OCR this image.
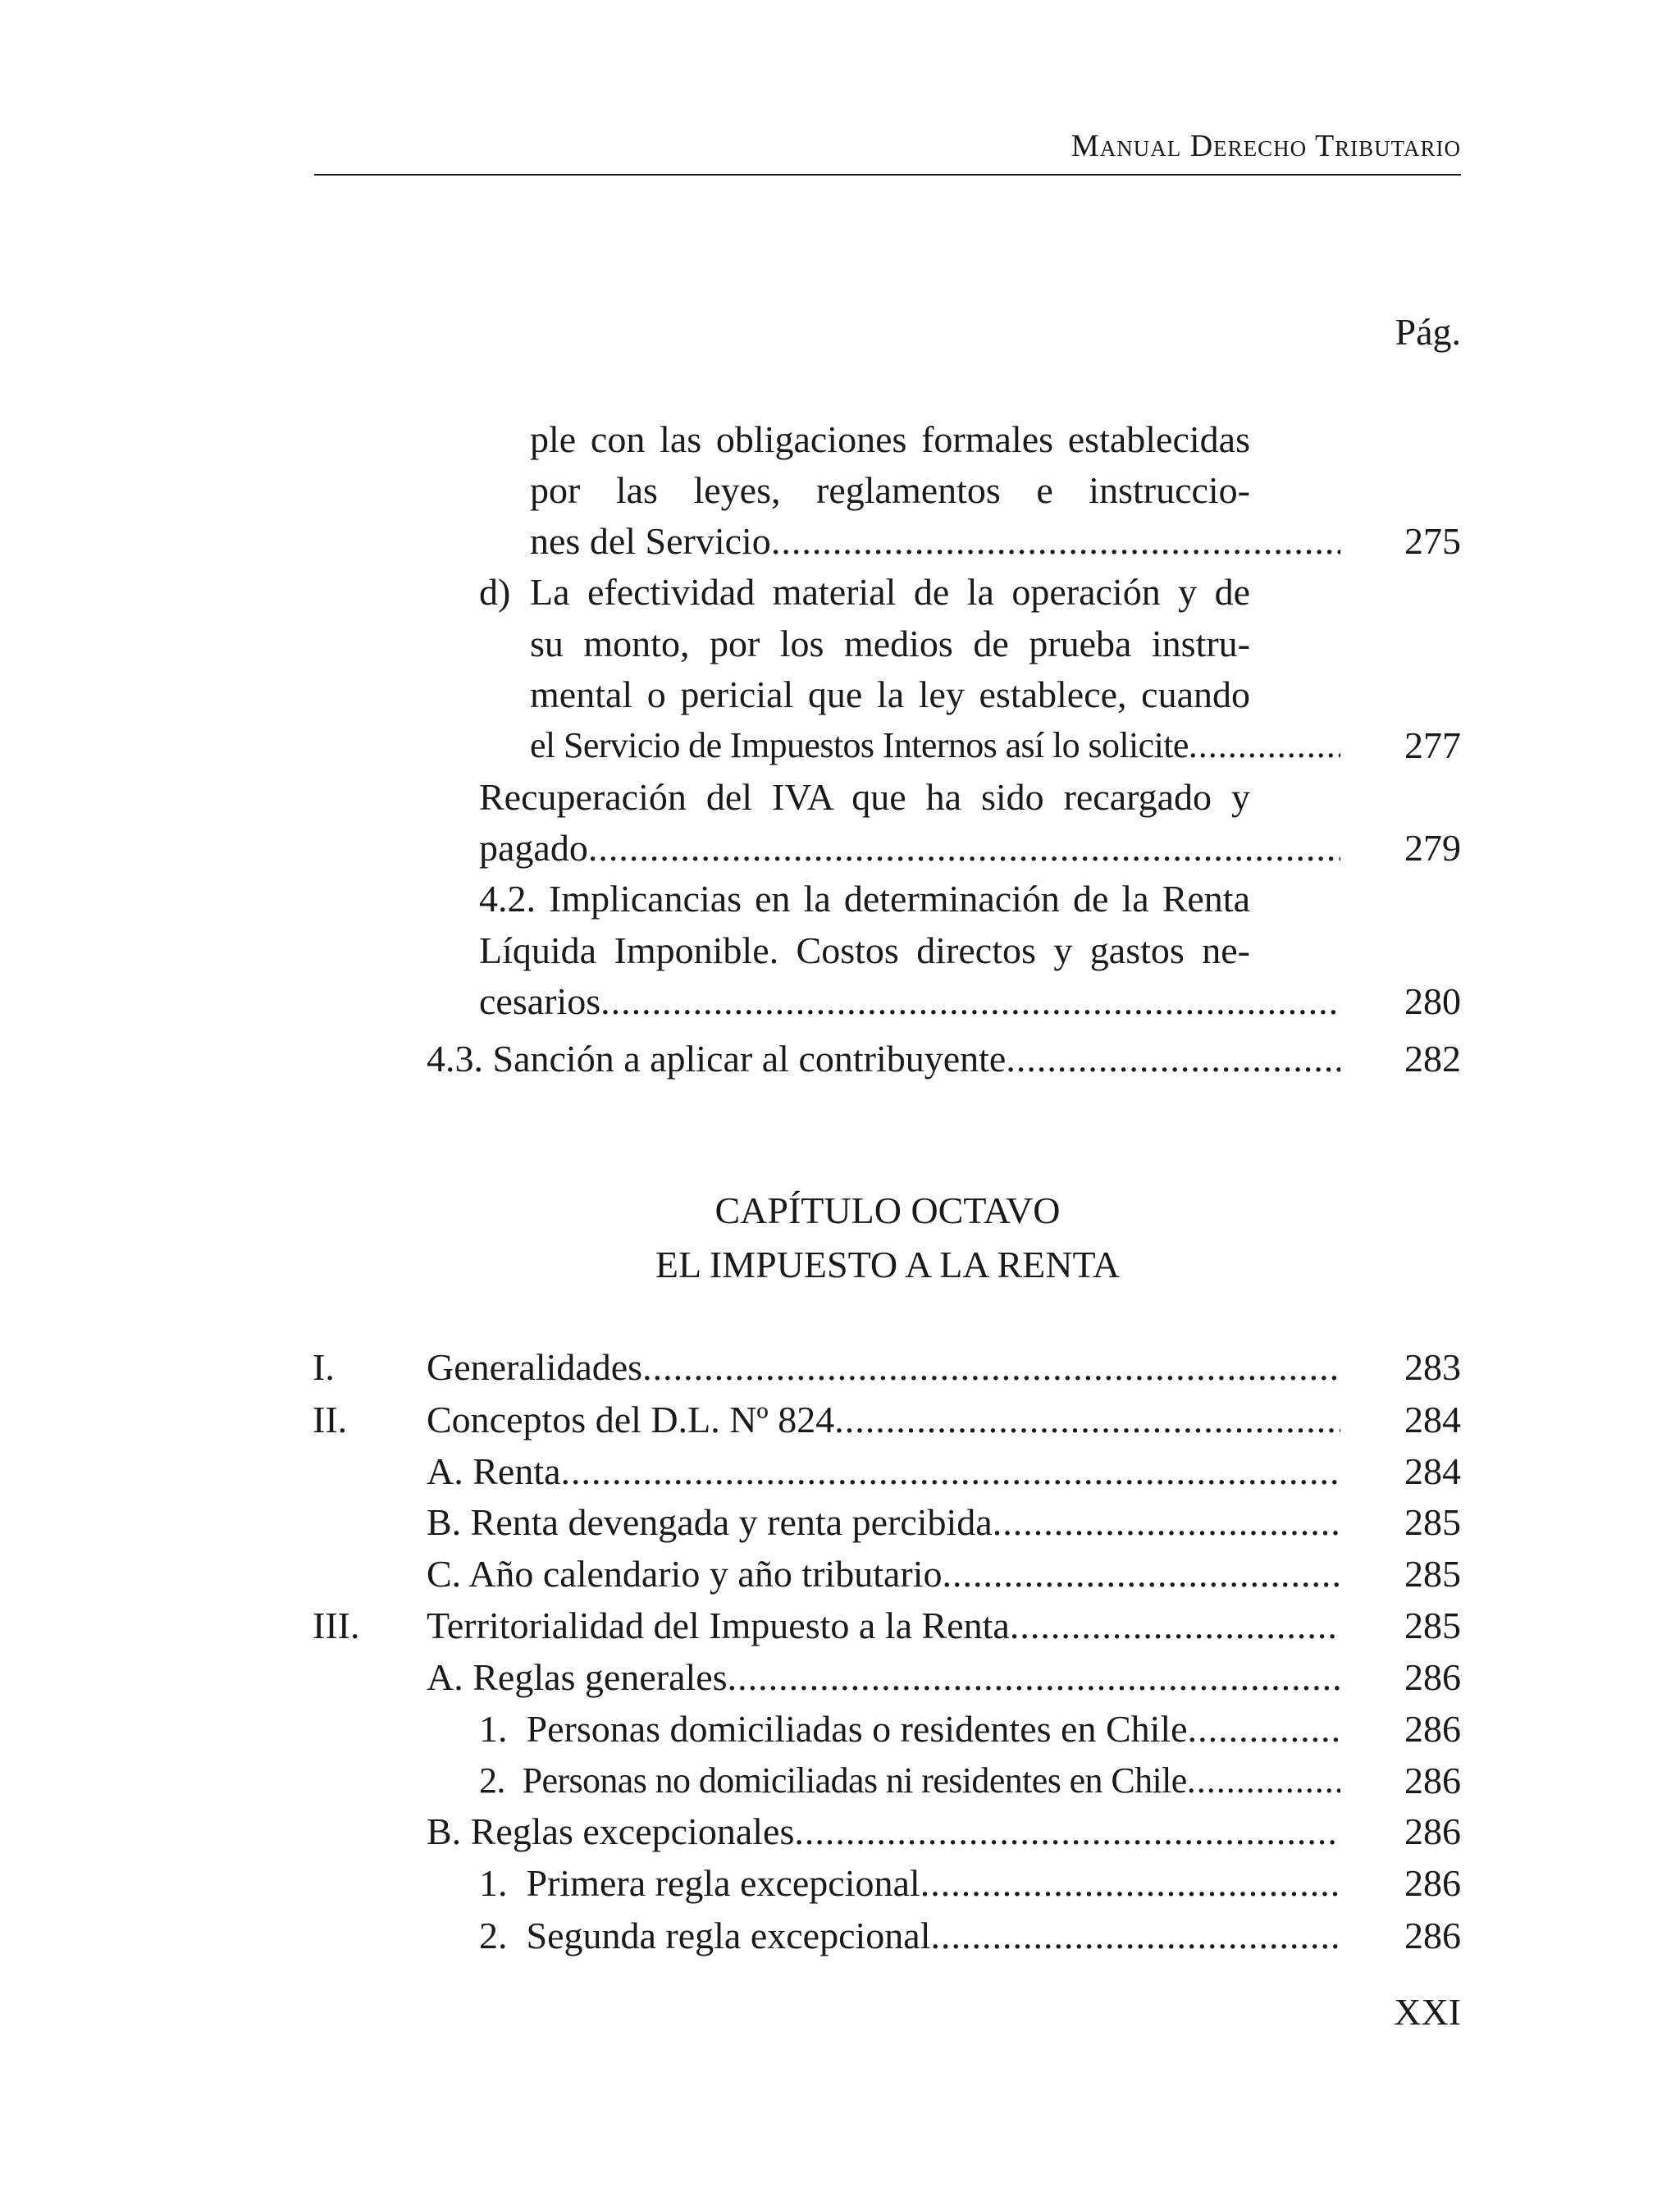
Manual Derecho Tributario
Pág.
ple con las obligaciones formales establecidas
por las leyes, reglamentos e instruccio-
nes del Servicio .....	275
d) La efectividad material de la operación y de
su monto, por los medios de prueba instru-
mental o pericial que la ley establece, cuando
el Servicio de Impuestos Internos así lo solicite .....	277
Recuperación del IVA que ha sido recargado y
pagado .....	279
4.2. Implicancias en la determinación de la Renta
Líquida Imponible. Costos directos y gastos ne-
cesarios .....	280
4.3. Sanción a aplicar al contribuyente .....	282
CAPÍTULO OCTAVO
EL IMPUESTO A LA RENTA
I. Generalidades .....	283
II. Conceptos del D.L. Nº 824 .....	284
A. Renta .....	284
B. Renta devengada y renta percibida .....	285
C. Año calendario y año tributario .....	285
III. Territorialidad del Impuesto a la Renta .....	285
A. Reglas generales .....	286
1.  Personas domiciliadas o residentes en Chile .....	286
2.  Personas no domiciliadas ni residentes en Chile .....	286
B. Reglas excepcionales .....	286
1.  Primera regla excepcional .....	286
2.  Segunda regla excepcional .....	286
XXI
